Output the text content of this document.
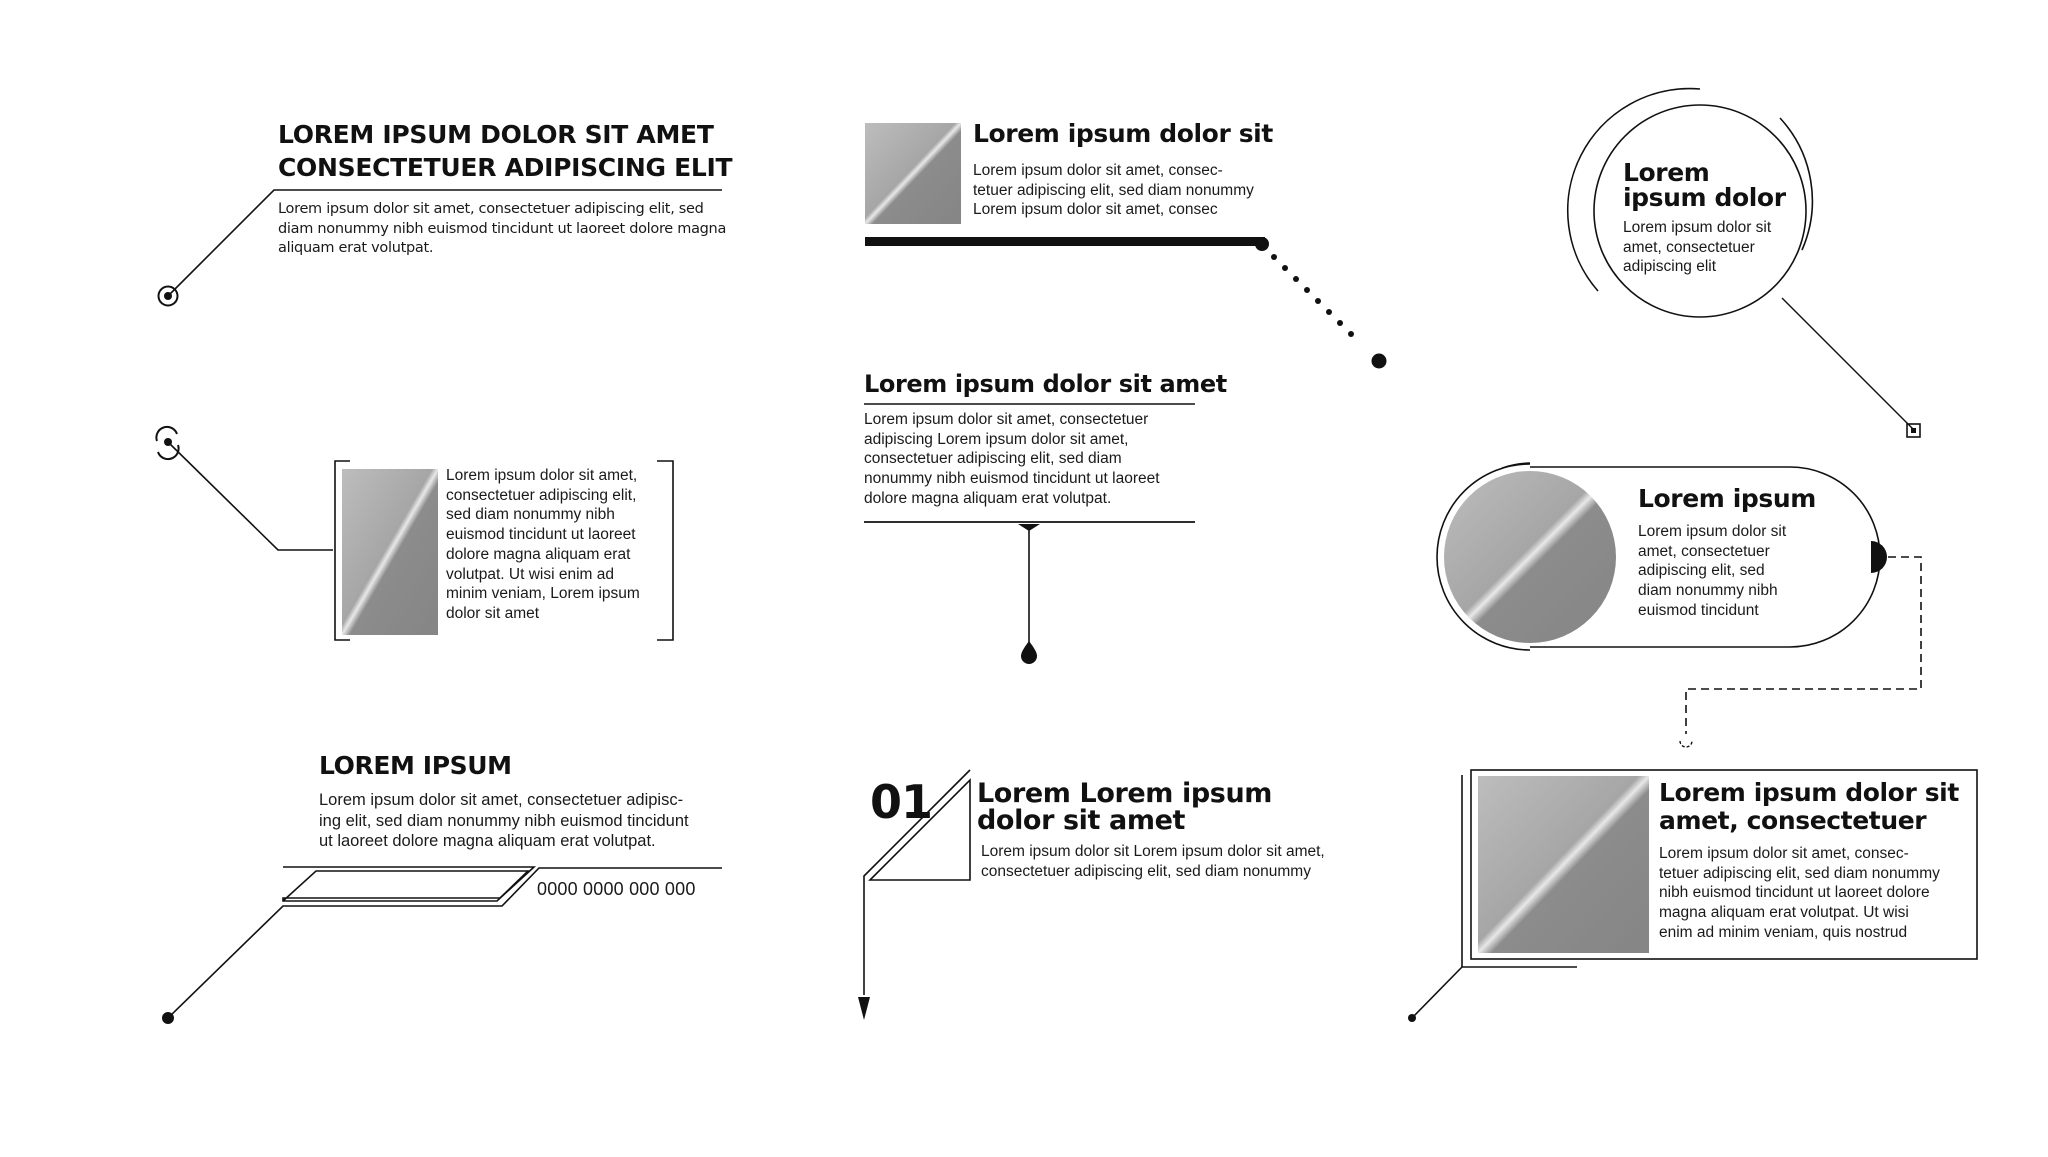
LOREM IPSUM DOLOR SIT AMET
CONSECTETUER ADIPISCING ELIT
Lorem ipsum dolor sit amet, consectetuer adipiscing elit, sed
diam nonummy nibh euismod tincidunt ut laoreet dolore magna
aliquam erat volutpat.
Lorem ipsum dolor sit
Lorem ipsum dolor sit amet, consec-
tetuer adipiscing elit, sed diam nonummy
Lorem ipsum dolor sit amet, consec
Lorem
ipsum dolor
Lorem ipsum dolor sit
amet, consectetuer
adipiscing elit
Lorem ipsum dolor sit amet,
consectetuer adipiscing elit,
sed diam nonummy nibh
euismod tincidunt ut laoreet
dolore magna aliquam erat
volutpat. Ut wisi enim ad
minim veniam, Lorem ipsum
dolor sit amet
Lorem ipsum dolor sit amet
Lorem ipsum dolor sit amet, consectetuer
adipiscing Lorem ipsum dolor sit amet,
consectetuer adipiscing elit, sed diam
nonummy nibh euismod tincidunt ut laoreet
dolore magna aliquam erat volutpat.	Lorem ipsum
Lorem ipsum dolor sit
amet, consectetuer
adipiscing elit, sed
diam nonummy nibh
euismod tincidunt
LOREM IPSUM
Lorem ipsum dolor sit amet, consectetuer adipisc-
ing elit, sed diam nonummy nibh euismod tincidunt
ut laoreet dolore magna aliquam erat volutpat.
0000 0000 000 000
01 Lorem Lorem ipsum
dolor sit amet
Lorem ipsum dolor sit Lorem ipsum dolor sit amet,
consectetuer adipiscing elit, sed diam nonummy
Lorem ipsum dolor sit
amet, consectetuer
Lorem ipsum dolor sit amet, consec-
tetuer adipiscing elit, sed diam nonummy
nibh euismod tincidunt ut laoreet dolore
magna aliquam erat volutpat. Ut wisi
enim ad minim veniam, quis nostrud
